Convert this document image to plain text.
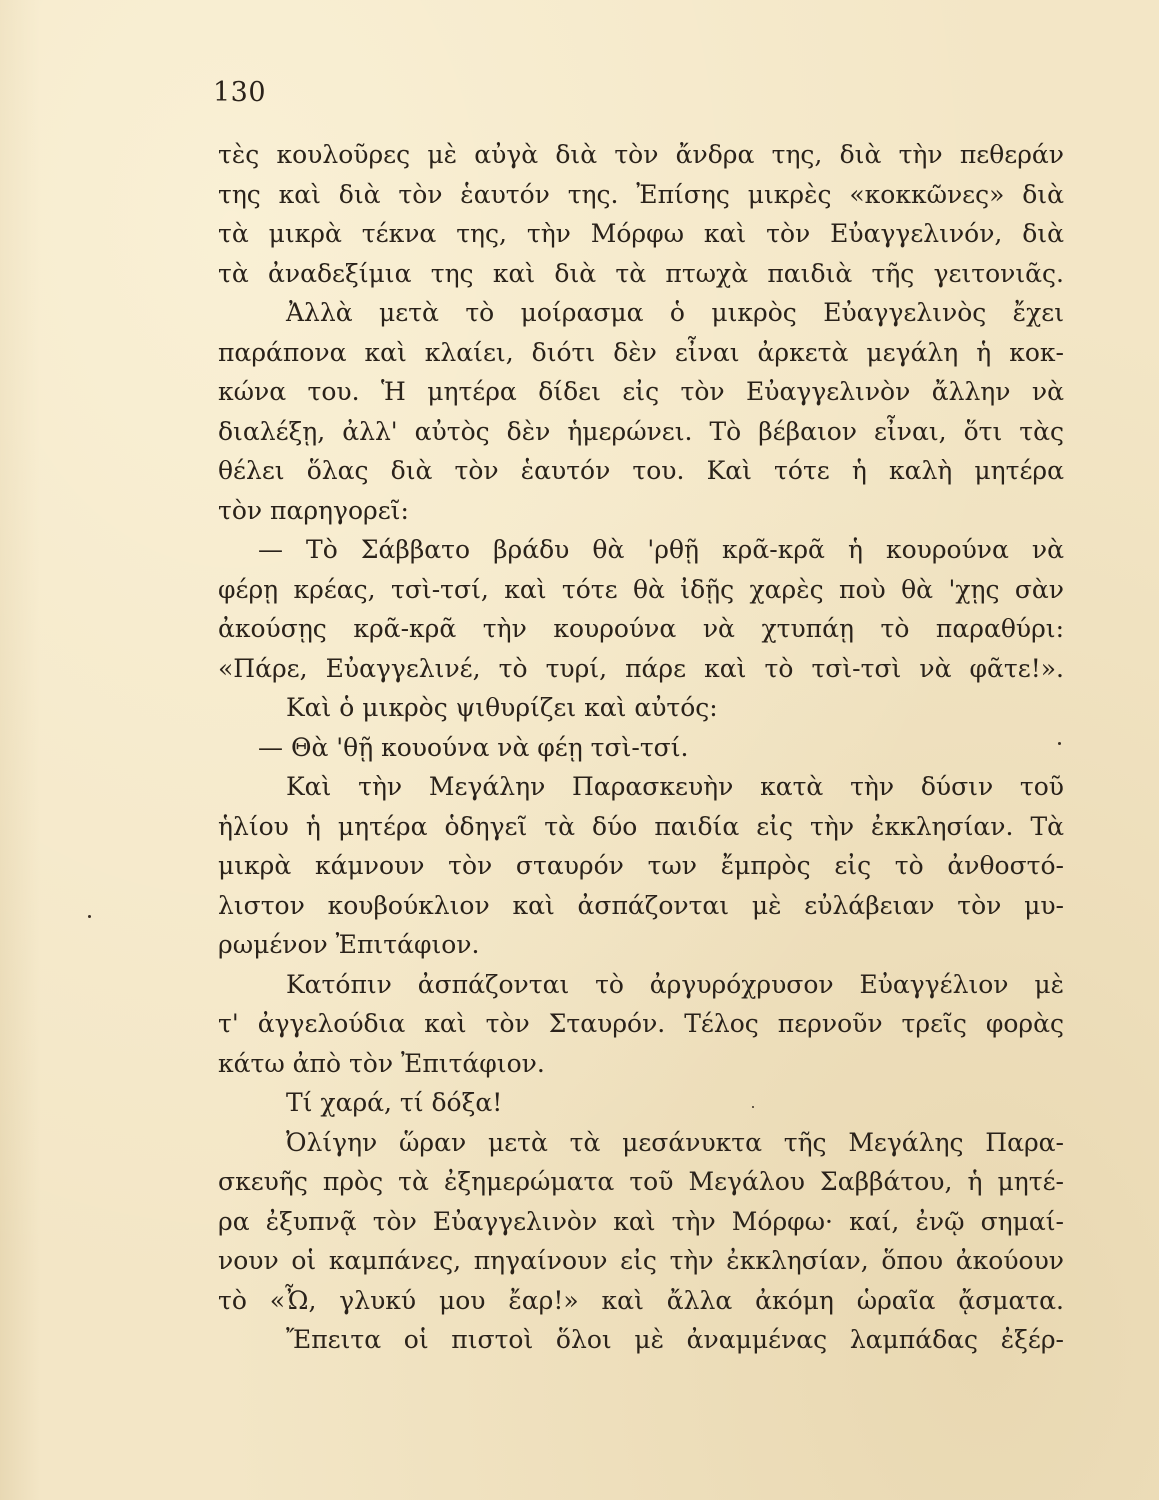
130
τὲς κουλοῦρες μὲ αὐγὰ διὰ τὸν ἄνδρα της, διὰ τὴν πεθεράν
της καὶ διὰ τὸν ἑαυτόν της. Ἐπίσης μικρὲς «κοκκῶνες» διὰ
τὰ μικρὰ τέκνα της, τὴν Μόρφω καὶ τὸν Εὐαγγελινόν, διὰ
τὰ ἀναδεξίμια της καὶ διὰ τὰ πτωχὰ παιδιὰ τῆς γειτονιᾶς.
Ἀλλὰ μετὰ τὸ μοίρασμα ὁ μικρὸς Εὐαγγελινὸς ἔχει
παράπονα καὶ κλαίει, διότι δὲν εἶναι ἀρκετὰ μεγάλη ἡ κοκ-
κώνα του. Ἡ μητέρα δίδει εἰς τὸν Εὐαγγελινὸν ἄλλην νὰ
διαλέξῃ, ἀλλ' αὐτὸς δὲν ἡμερώνει. Τὸ βέβαιον εἶναι, ὅτι τὰς
θέλει ὅλας διὰ τὸν ἑαυτόν του. Καὶ τότε ἡ καλὴ μητέρα
τὸν παρηγορεῖ:
— Τὸ Σάββατο βράδυ θὰ 'ρθῇ κρᾶ-κρᾶ ἡ κουρούνα νὰ
φέρῃ κρέας, τσὶ-τσί, καὶ τότε θὰ ἰδῇς χαρὲς ποὺ θὰ 'χῃς σὰν
ἀκούσῃς κρᾶ-κρᾶ τὴν κουρούνα νὰ χτυπάῃ τὸ παραθύρι:
«Πάρε, Εὐαγγελινέ, τὸ τυρί, πάρε καὶ τὸ τσὶ-τσὶ νὰ φᾶτε!».
Καὶ ὁ μικρὸς ψιθυρίζει καὶ αὐτός:
— Θὰ 'θῇ κουούνα νὰ φέῃ τσὶ-τσί.
Καὶ τὴν Μεγάλην Παρασκευὴν κατὰ τὴν δύσιν τοῦ
ἡλίου ἡ μητέρα ὁδηγεῖ τὰ δύο παιδία εἰς τὴν ἐκκλησίαν. Τὰ
μικρὰ κάμνουν τὸν σταυρόν των ἔμπρὸς εἰς τὸ ἀνθοστό-
λιστον κουβούκλιον καὶ ἀσπάζονται μὲ εὐλάβειαν τὸν μυ-
ρωμένον Ἐπιτάφιον.
Κατόπιν ἀσπάζονται τὸ ἀργυρόχρυσον Εὐαγγέλιον μὲ
τ' ἀγγελούδια καὶ τὸν Σταυρόν. Τέλος περνοῦν τρεῖς φορὰς
κάτω ἀπὸ τὸν Ἐπιτάφιον.
Τί χαρά, τί δόξα!
Ὀλίγην ὥραν μετὰ τὰ μεσάνυκτα τῆς Μεγάλης Παρα-
σκευῆς πρὸς τὰ ἐξημερώματα τοῦ Μεγάλου Σαββάτου, ἡ μητέ-
ρα ἐξυπνᾷ τὸν Εὐαγγελινὸν καὶ τὴν Μόρφω· καί, ἐνῷ σημαί-
νουν οἱ καμπάνες, πηγαίνουν εἰς τὴν ἐκκλησίαν, ὅπου ἀκούουν
τὸ «Ὦ, γλυκύ μου ἔαρ!» καὶ ἄλλα ἀκόμη ὡραῖα ᾄσματα.
Ἔπειτα οἱ πιστοὶ ὅλοι μὲ ἀναμμένας λαμπάδας ἐξέρ-
